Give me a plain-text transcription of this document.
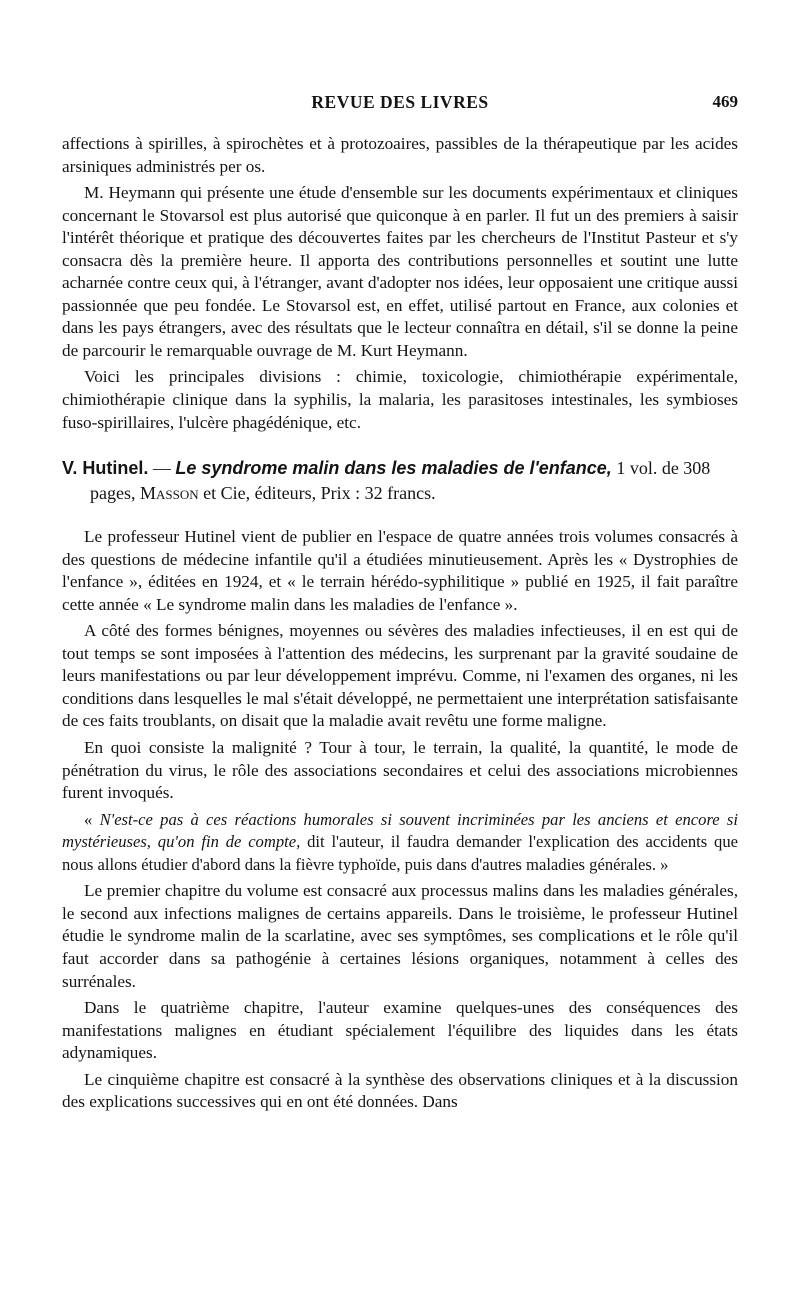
REVUE DES LIVRES	469

affections à spirilles, à spirochètes et à protozoaires, passibles de la thérapeutique par les acides arsiniques administrés per os.

M. Heymann qui présente une étude d'ensemble sur les documents expérimentaux et cliniques concernant le Stovarsol est plus autorisé que quiconque à en parler. Il fut un des premiers à saisir l'intérêt théorique et pratique des découvertes faites par les chercheurs de l'Institut Pasteur et s'y consacra dès la première heure. Il apporta des contributions personnelles et soutint une lutte acharnée contre ceux qui, à l'étranger, avant d'adopter nos idées, leur opposaient une critique aussi passionnée que peu fondée. Le Stovarsol est, en effet, utilisé partout en France, aux colonies et dans les pays étrangers, avec des résultats que le lecteur connaîtra en détail, s'il se donne la peine de parcourir le remarquable ouvrage de M. Kurt Heymann.

Voici les principales divisions : chimie, toxicologie, chimiothérapie expérimentale, chimiothérapie clinique dans la syphilis, la malaria, les parasitoses intestinales, les symbioses fuso-spirillaires, l'ulcère phagédénique, etc.

V. Hutinel. — Le syndrome malin dans les maladies de l'enfance, 1 vol. de 308 pages, Masson et Cie, éditeurs, Prix : 32 francs.

Le professeur Hutinel vient de publier en l'espace de quatre années trois volumes consacrés à des questions de médecine infantile qu'il a étudiées minutieusement. Après les « Dystrophies de l'enfance », éditées en 1924, et « le terrain hérédo-syphilitique » publié en 1925, il fait paraître cette année « Le syndrome malin dans les maladies de l'enfance ».

A côté des formes bénignes, moyennes ou sévères des maladies infectieuses, il en est qui de tout temps se sont imposées à l'attention des médecins, les surprenant par la gravité soudaine de leurs manifestations ou par leur développement imprévu. Comme, ni l'examen des organes, ni les conditions dans lesquelles le mal s'était développé, ne permettaient une interprétation satisfaisante de ces faits troublants, on disait que la maladie avait revêtu une forme maligne.

En quoi consiste la malignité ? Tour à tour, le terrain, la qualité, la quantité, le mode de pénétration du virus, le rôle des associations secondaires et celui des associations microbiennes furent invoqués.

« N'est-ce pas à ces réactions humorales si souvent incriminées par les anciens et encore si mystérieuses, qu'on fin de compte, dit l'auteur, il faudra demander l'explication des accidents que nous allons étudier d'abord dans la fièvre typhoïde, puis dans d'autres maladies générales. »

Le premier chapitre du volume est consacré aux processus malins dans les maladies générales, le second aux infections malignes de certains appareils. Dans le troisième, le professeur Hutinel étudie le syndrome malin de la scarlatine, avec ses symptômes, ses complications et le rôle qu'il faut accorder dans sa pathogénie à certaines lésions organiques, notamment à celles des surrénales.

Dans le quatrième chapitre, l'auteur examine quelques-unes des conséquences des manifestations malignes en étudiant spécialement l'équilibre des liquides dans les états adynamiques.

Le cinquième chapitre est consacré à la synthèse des observations cliniques et à la discussion des explications successives qui en ont été données. Dans
